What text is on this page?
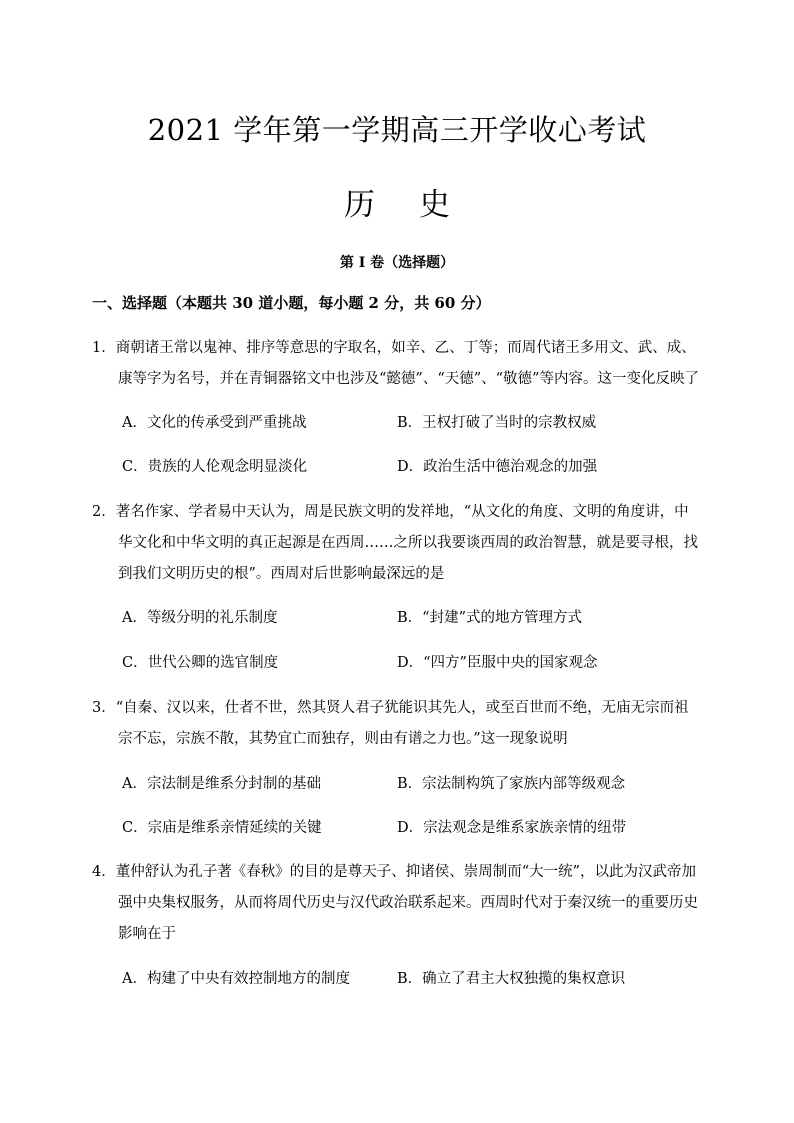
2021 学年第一学期高三开学收心考试
历史
第 I 卷（选择题）
一、选择题（本题共 30 道小题，每小题 2 分，共 60 分）
1．商朝诸王常以鬼神、排序等意思的字取名，如辛、乙、丁等；而周代诸王多用文、武、成、
康等字为名号，并在青铜器铭文中也涉及“懿德”、“天德”、“敬德”等内容。这一变化反映了
A．文化的传承受到严重挑战	B．王权打破了当时的宗教权威
C．贵族的人伦观念明显淡化	D．政治生活中德治观念的加强
2．著名作家、学者易中天认为，周是民族文明的发祥地，“从文化的角度、文明的角度讲，中
华文化和中华文明的真正起源是在西周……之所以我要谈西周的政治智慧，就是要寻根，找
到我们文明历史的根”。西周对后世影响最深远的是
A．等级分明的礼乐制度	B．“封建”式的地方管理方式
C．世代公卿的选官制度	D．“四方”臣服中央的国家观念
3．“自秦、汉以来，仕者不世，然其贤人君子犹能识其先人，或至百世而不绝，无庙无宗而祖
宗不忘，宗族不散，其势宜亡而独存，则由有谱之力也。”这一现象说明
A．宗法制是维系分封制的基础	B．宗法制构筑了家族内部等级观念
C．宗庙是维系亲情延续的关键	D．宗法观念是维系家族亲情的纽带
4．董仲舒认为孔子著《春秋》的目的是尊天子、抑诸侯、崇周制而“大一统”，以此为汉武帝加
强中央集权服务，从而将周代历史与汉代政治联系起来。西周时代对于秦汉统一的重要历史
影响在于
A．构建了中央有效控制地方的制度	B．确立了君主大权独揽的集权意识
